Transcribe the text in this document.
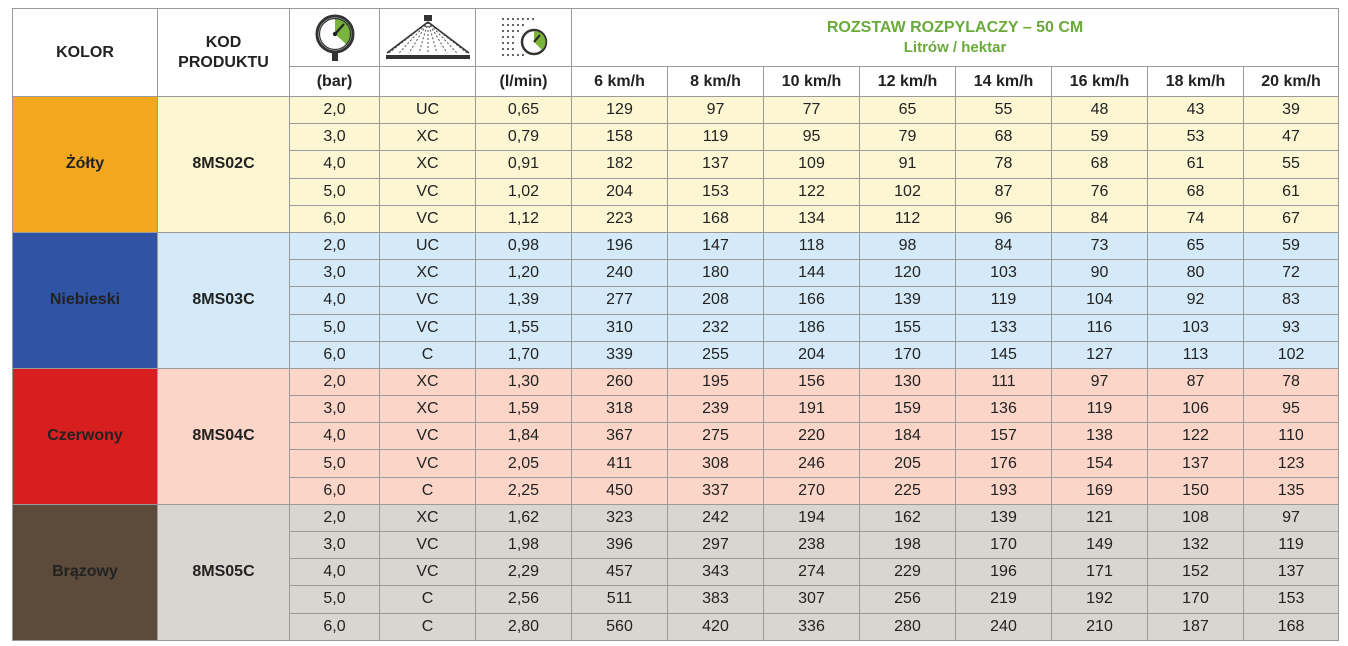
KOLOR	KOD PRODUKTU				ROZSTAW ROZPYLACZY – 50 CM
Litrów / hektar							

		(bar)		(l/min)	6 km/h	8 km/h	10 km/h	12 km/h	14 km/h	16 km/h	18 km/h	20 km/h
Żółty	8MS02C	2,0	UC	0,65	129	97	77	65	55	48	43	39
		3,0	XC	0,79	158	119	95	79	68	59	53	47
		4,0	XC	0,91	182	137	109	91	78	68	61	55
		5,0	VC	1,02	204	153	122	102	87	76	68	61
		6,0	VC	1,12	223	168	134	112	96	84	74	67
Niebieski	8MS03C	2,0	UC	0,98	196	147	118	98	84	73	65	59
		3,0	XC	1,20	240	180	144	120	103	90	80	72
		4,0	VC	1,39	277	208	166	139	119	104	92	83
		5,0	VC	1,55	310	232	186	155	133	116	103	93
		6,0	C	1,70	339	255	204	170	145	127	113	102
Czerwony	8MS04C	2,0	XC	1,30	260	195	156	130	111	97	87	78
		3,0	XC	1,59	318	239	191	159	136	119	106	95
		4,0	VC	1,84	367	275	220	184	157	138	122	110
		5,0	VC	2,05	411	308	246	205	176	154	137	123
		6,0	C	2,25	450	337	270	225	193	169	150	135
Brązowy	8MS05C	2,0	XC	1,62	323	242	194	162	139	121	108	97
		3,0	VC	1,98	396	297	238	198	170	149	132	119
		4,0	VC	2,29	457	343	274	229	196	171	152	137
		5,0	C	2,56	511	383	307	256	219	192	170	153
		6,0	C	2,80	560	420	336	280	240	210	187	168
